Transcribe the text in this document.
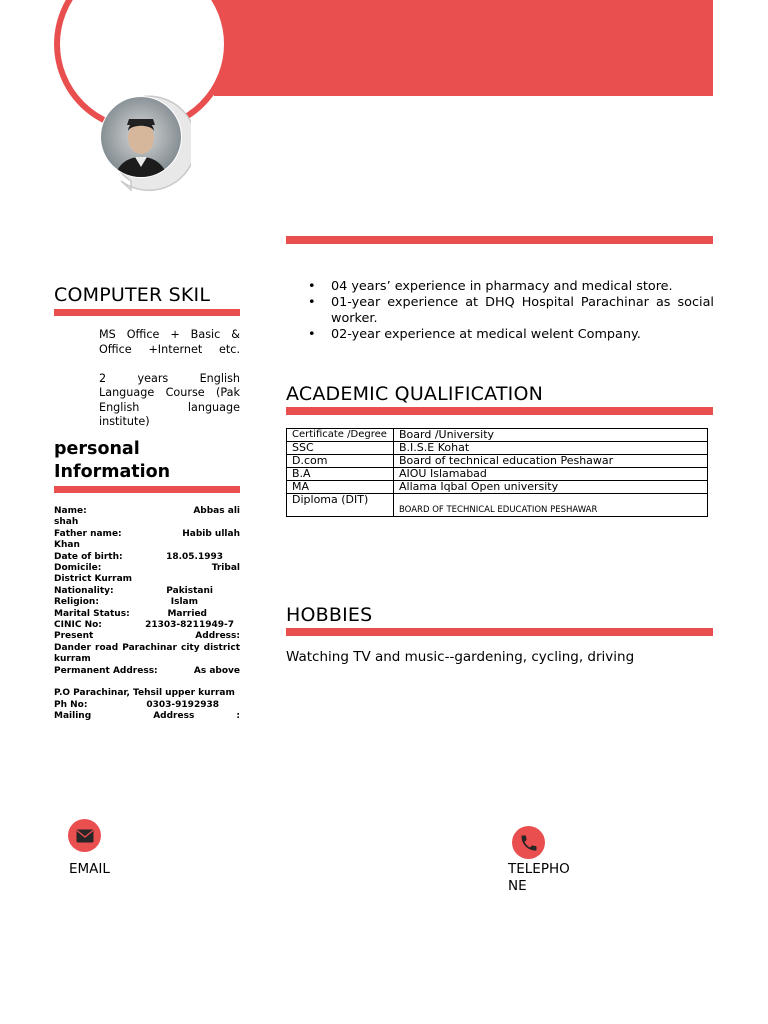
COMPUTER SKIL
MS Office + Basic & Office +Internet etc.
2 years English Language Course (Pak English language institute)
personal
Information
Name:	Abbas ali
shah
Father name:	Habib ullah
Khan
Date of birth:	18.05.1993
Domicile:	Tribal
District Kurram
Nationality:	Pakistani
Religion:	Islam
Marital Status:	Married
CINIC No:	21303-8211949-7
Present	Address:
Dander road Parachinar city district kurram
Permanent Address:	As above
P.O Parachinar, Tehsil upper kurram
Ph No:	0303-9192938
Mailing	Address	:
• 04 years’ experience in pharmacy and medical store.
• 01-year experience at DHQ Hospital Parachinar as social worker.
• 02-year experience at medical welent Company.
ACADEMIC QUALIFICATION
Certificate /Degree	Board /University
SSC	B.I.S.E Kohat
D.com	Board of technical education Peshawar
B.A	AIOU Islamabad
MA	Allama Iqbal Open university
Diploma (DIT)	BOARD OF TECHNICAL EDUCATION PESHAWAR
HOBBIES
Watching TV and music--gardening, cycling, driving
EMAIL	TELEPHO
NE
